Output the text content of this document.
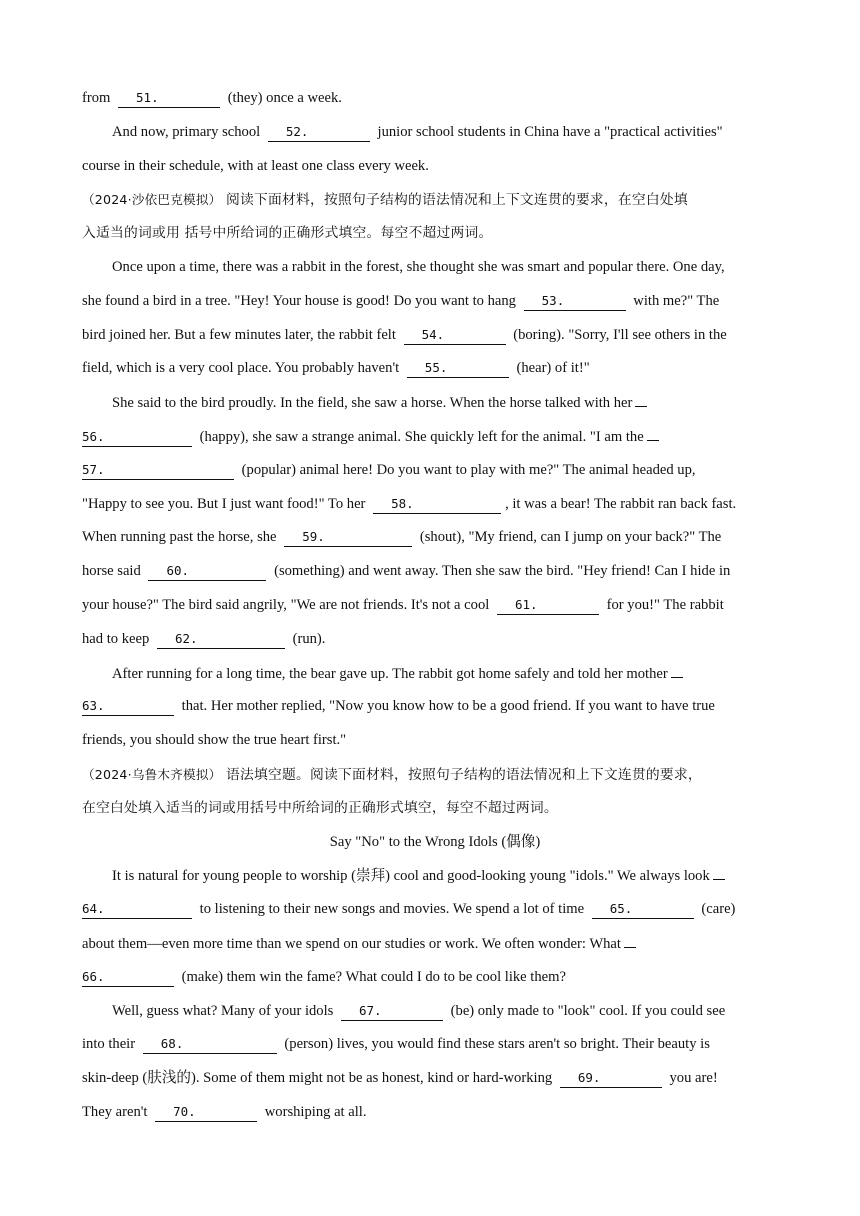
from 51.	(they) once a week.
And now, primary school 52.	junior school students in China have a "practical activities"
course in their schedule, with at least one class every week.
（2024·沙依巴克模拟） 阅读下面材料，按照句子结构的语法情况和上下文连贯的要求，在空白处填
入适当的词或用 括号中所给词的正确形式填空。每空不超过两词。
Once upon a time, there was a rabbit in the forest, she thought she was smart and popular there. One day,
she found a bird in a tree. "Hey! Your house is good! Do you want to hang 53.	with me?" The
bird joined her. But a few minutes later, the rabbit felt 54.	(boring). "Sorry, I'll see others in the
field, which is a very cool place. You probably haven't 55.	(hear) of it!"
She said to the bird proudly. In the field, she saw a horse. When the horse talked with her
56.	(happy), she saw a strange animal. She quickly left for the animal. "I am the
57.	(popular) animal here! Do you want to play with me?" The animal headed up,
"Happy to see you. But I just want food!" To her 58.	, it was a bear! The rabbit ran back fast.
When running past the horse, she 59.	(shout), "My friend, can I jump on your back?" The
horse said 60.	(something) and went away. Then she saw the bird. "Hey friend! Can I hide in
your house?" The bird said angrily, "We are not friends. It's not a cool 61.	for you!" The rabbit
had to keep 62.	(run).
After running for a long time, the bear gave up. The rabbit got home safely and told her mother
63.	that. Her mother replied, "Now you know how to be a good friend. If you want to have true
friends, you should show the true heart first."
（2024·乌鲁木齐模拟） 语法填空题。阅读下面材料，按照句子结构的语法情况和上下文连贯的要求，
在空白处填入适当的词或用括号中所给词的正确形式填空，每空不超过两词。
Say "No" to the Wrong Idols (偶像)
It is natural for young people to worship (崇拜) cool and good-looking young "idols." We always look
64.	to listening to their new songs and movies. We spend a lot of time 65.	(care)
about them—even more time than we spend on our studies or work. We often wonder: What
66.	(make) them win the fame? What could I do to be cool like them?
Well, guess what? Many of your idols 67.	(be) only made to "look" cool. If you could see
into their 68.	(person) lives, you would find these stars aren't so bright. Their beauty is
skin-deep (肤浅的). Some of them might not be as honest, kind or hard-working 69.	you are!
They aren't 70.	worshiping at all.
